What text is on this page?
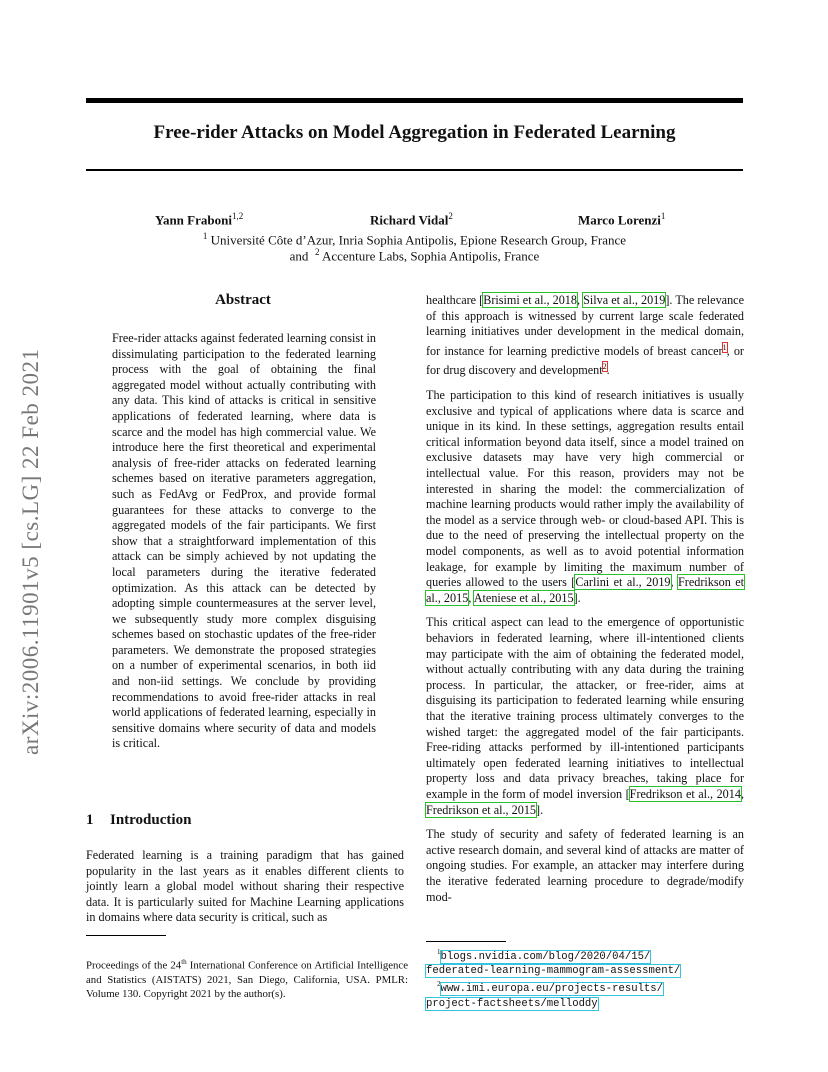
arXiv:2006.11901v5 [cs.LG] 22 Feb 2021
Free-rider Attacks on Model Aggregation in Federated Learning
Yann Fraboni$^{1,2}$	Richard Vidal$^2$	Marco Lorenzi$^1$
$^1$ Université Côte d’Azur, Inria Sophia Antipolis, Epione Research Group, France
and $^2$ Accenture Labs, Sophia Antipolis, France
Abstract
Free-rider attacks against federated learning consist in dissimulating participation to the federated learning process with the goal of obtaining the final aggregated model without actually contributing with any data. This kind of attacks is critical in sensitive applications of federated learning, where data is scarce and the model has high commercial value. We introduce here the first theoretical and experimental analysis of free-rider attacks on federated learning schemes based on iterative parameters aggregation, such as FedAvg or FedProx, and provide formal guarantees for these attacks to converge to the aggregated models of the fair participants. We first show that a straightforward implementation of this attack can be simply achieved by not updating the local parameters during the iterative federated optimization. As this attack can be detected by adopting simple countermeasures at the server level, we subsequently study more complex disguising schemes based on stochastic updates of the free-rider parameters. We demonstrate the proposed strategies on a number of experimental scenarios, in both iid and non-iid settings. We conclude by providing recommendations to avoid free-rider attacks in real world applications of federated learning, especially in sensitive domains where security of data and models is critical.
1 Introduction
Federated learning is a training paradigm that has gained popularity in the last years as it enables different clients to jointly learn a global model without sharing their respective data. It is particularly suited for Machine Learning applications in domains where data security is critical, such as
Proceedings of the 24th International Conference on Artificial Intelligence and Statistics (AISTATS) 2021, San Diego, California, USA. PMLR: Volume 130. Copyright 2021 by the author(s).

healthcare [Brisimi et al., 2018, Silva et al., 2019]. The relevance of this approach is witnessed by current large scale federated learning initiatives under development in the medical domain, for instance for learning predictive models of breast cancer$^1$, or for drug discovery and development$^2$.

The participation to this kind of research initiatives is usually exclusive and typical of applications where data is scarce and unique in its kind. In these settings, aggregation results entail critical information beyond data itself, since a model trained on exclusive datasets may have very high commercial or intellectual value. For this reason, providers may not be interested in sharing the model: the commercialization of machine learning products would rather imply the availability of the model as a service through web- or cloud-based API. This is due to the need of preserving the intellectual property on the model components, as well as to avoid potential information leakage, for example by limiting the maximum number of queries allowed to the users [Carlini et al., 2019, Fredrikson et al., 2015, Ateniese et al., 2015].

This critical aspect can lead to the emergence of opportunistic behaviors in federated learning, where ill-intentioned clients may participate with the aim of obtaining the federated model, without actually contributing with any data during the training process. In particular, the attacker, or free-rider, aims at disguising its participation to federated learning while ensuring that the iterative training process ultimately converges to the wished target: the aggregated model of the fair participants. Free-riding attacks performed by ill-intentioned participants ultimately open federated learning initiatives to intellectual property loss and data privacy breaches, taking place for example in the form of model inversion [Fredrikson et al., 2014, Fredrikson et al., 2015].

The study of security and safety of federated learning is an active research domain, and several kind of attacks are matter of ongoing studies. For example, an attacker may interfere during the iterative federated learning procedure to degrade/modify mod-

$^1$blogs.nvidia.com/blog/2020/04/15/
federated-learning-mammogram-assessment/
$^2$www.imi.europa.eu/projects-results/
project-factsheets/melloddy
